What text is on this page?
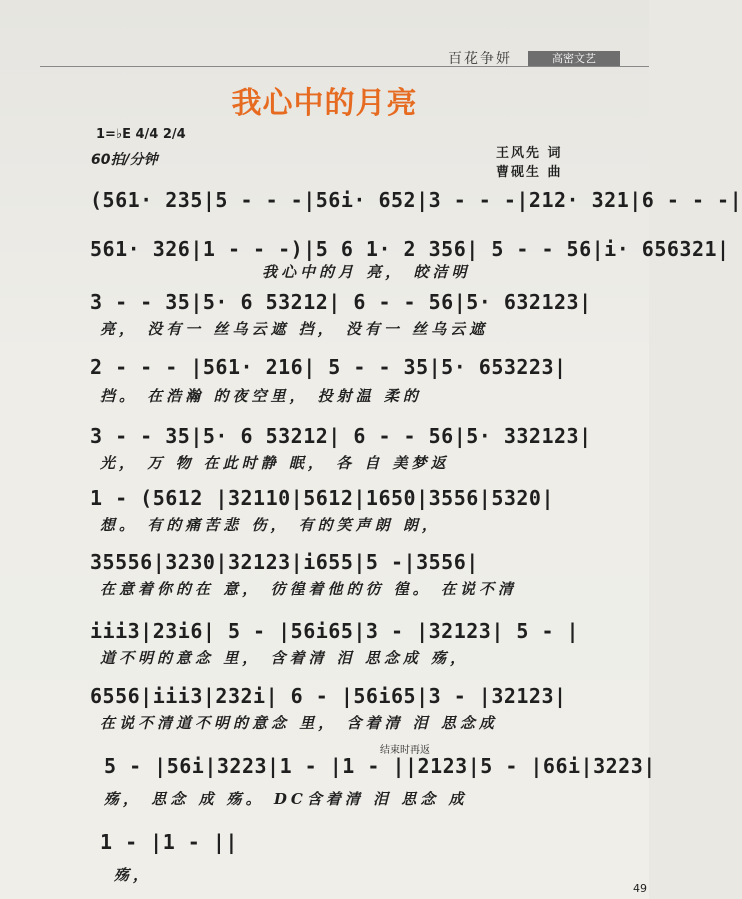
百花争妍	高密文艺
我心中的月亮
1=♭E 4/4 2/4
60拍/分钟	王风先 词
曹砚生 曲
(561· 235|5 - - -|56i· 652|3 - - -|212· 321|6 - - -|
561· 326|1 - - -)|5 6 1· 2 356| 5 - - 56|i· 656321|
我心中的月 亮， 皎洁明
3 - - 35|5· 6 53212| 6 - - 56|5· 632123|
亮， 没有一 丝乌云遮 挡， 没有一 丝乌云遮
2 - - - |561· 216| 5 - - 35|5· 653223|
挡。 在浩瀚 的夜空里， 投射温 柔的
3 - - 35|5· 6 53212| 6 - - 56|5· 332123|
光， 万 物 在此时静 眠， 各 自 美梦返
1 - (5612 |32110|5612|1650|3556|5320|
想。 有的痛苦悲 伤， 有的笑声朗 朗，
35556|3230|32123|i655|5 -|3556|
在意着你的在 意， 彷徨着他的彷 徨。 在说不清
iii3|23i6| 5 - |56i65|3 - |32123| 5 - |
道不明的意念 里， 含着清 泪 思念成 殇，
6556|iii3|232i| 6 - |56i65|3 - |32123|
在说不清道不明的意念 里， 含着清 泪 思念成
结束时再返
5 - |56i|3223|1 - |1 - ||2123|5 - |66i|3223|
殇， 思念 成 殇。 DC含着清 泪 思念 成
1 - |1 - ||
殇，
49
